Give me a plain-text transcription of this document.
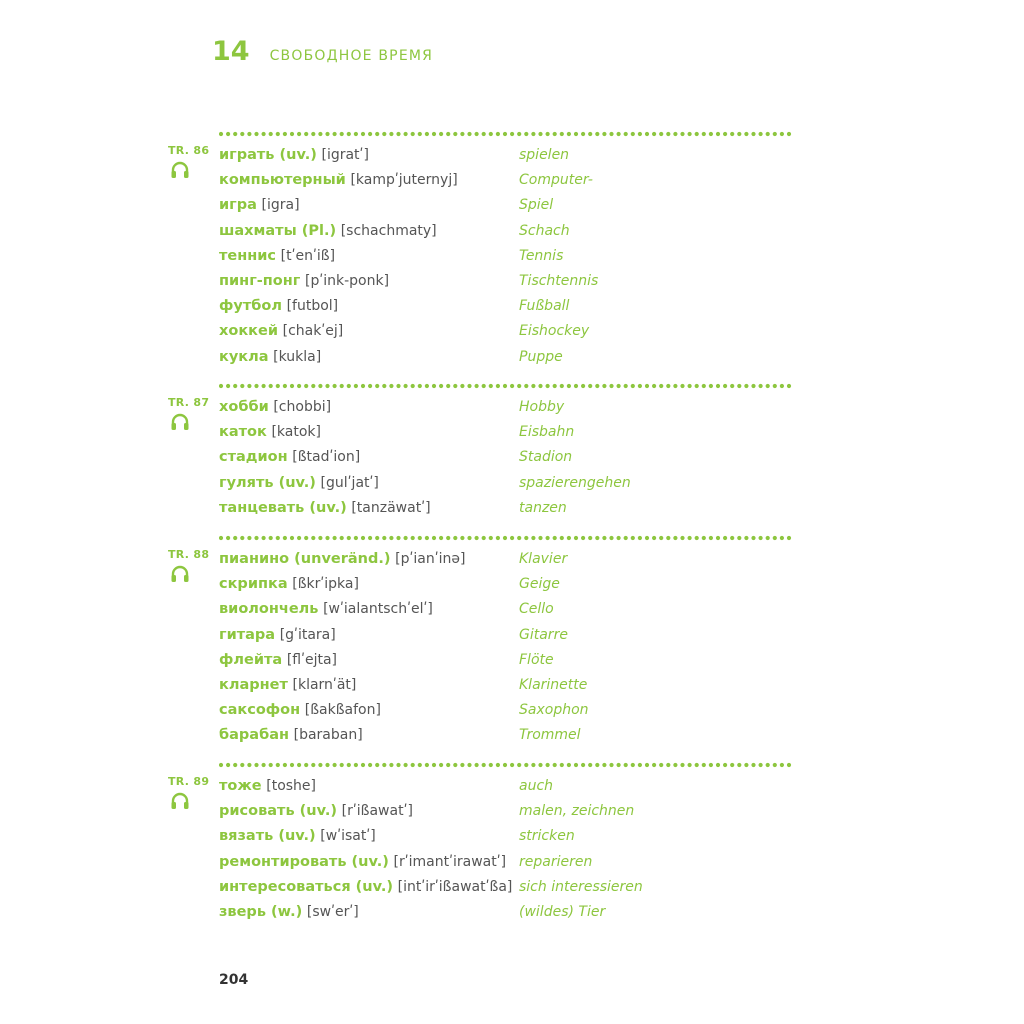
14 СВОБОДНОЕ ВРЕМЯ
TR. 86 играть (uv.) [igratʹ]	spielen
компьютерный [kampʹjuternyj]	Computer-
игра [igra]	Spiel
шахматы (Pl.) [schachmaty]	Schach
теннис [tʹenʹiß]	Tennis
пинг-понг [pʹink-ponk]	Tischtennis
футбол [futbol]	Fußball
хоккей [chakʹej]	Eishockey
кукла [kukla]	Puppe
TR. 87 хобби [chobbi]	Hobby
каток [katok]	Eisbahn
стадион [ßtadʹion]	Stadion
гулять (uv.) [gulʹjatʹ]	spazierengehen
танцевать (uv.) [tanzäwatʹ]	tanzen
TR. 88 пианино (unveränd.) [pʹianʹinə]	Klavier
скрипка [ßkrʹipka]	Geige
виолончель [wʹialantschʹelʹ]	Cello
гитара [gʹitara]	Gitarre
флейта [flʹejta]	Flöte
кларнет [klarnʹät]	Klarinette
саксофон [ßakßafon]	Saxophon
барабан [baraban]	Trommel
TR. 89 тоже [toshe]	auch
рисовать (uv.) [rʹißawatʹ]	malen, zeichnen
вязать (uv.) [wʹisatʹ]	stricken
ремонтировать (uv.) [rʹimantʹirawatʹ] reparieren
интересоваться (uv.) [intʹirʹißawatʹßa] sich interessieren
зверь (w.) [swʹerʹ]	(wildes) Tier
204
